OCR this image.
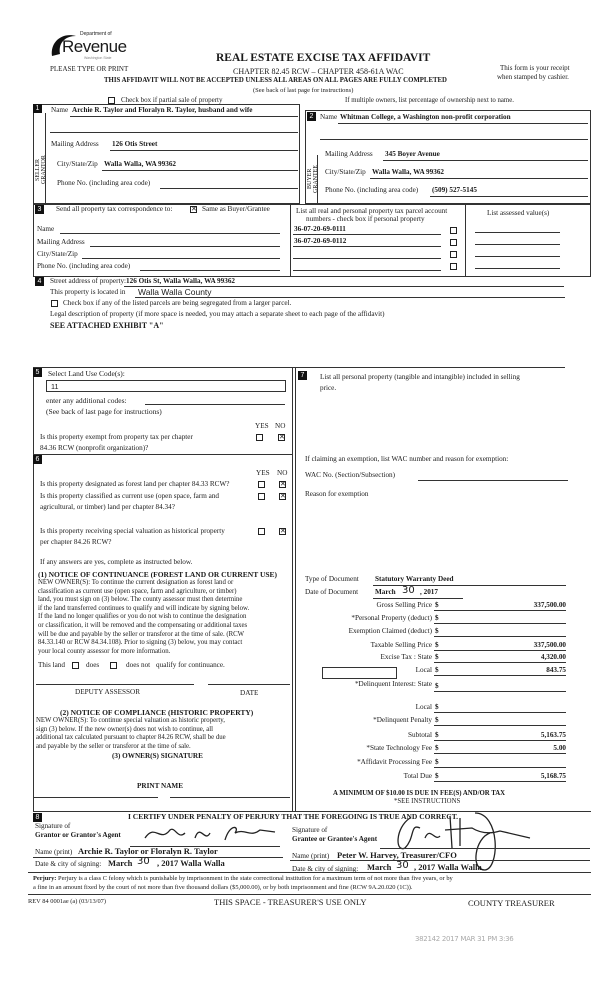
Department of
Revenue
Washington State
PLEASE TYPE OR PRINT
REAL ESTATE EXCISE TAX AFFIDAVIT
CHAPTER 82.45 RCW – CHAPTER 458-61A WAC
THIS AFFIDAVIT WILL NOT BE ACCEPTED UNLESS ALL AREAS ON ALL PAGES ARE FULLY COMPLETED
(See back of last page for instructions)
This form is your receipt
when stamped by cashier.
Check box if partial sale of property	If multiple owners, list percentage of ownership next to name.
1
SELLER GRANTOR
Name Archie R. Taylor and Floralyn R. Taylor, husband and wife
Mailing Address 126 Otis Street
City/State/Zip Walla Walla, WA 99362
Phone No. (including area code)
2
BUYER GRANTEE
Name Whitman College, a Washington non-profit corporation
Mailing Address 345 Boyer Avenue
City/State/Zip Walla Walla, WA 99362
Phone No. (including area code) (509) 527-5145
3	Send all property tax correspondence to:	✕ Same as Buyer/Grantee
Name
Mailing Address
City/State/Zip
Phone No. (including area code)
List all real and personal property tax parcel account
numbers - check box if personal property
List assessed value(s)
36-07-20-69-0111
36-07-20-69-0112
4	Street address of property: 126 Otis St, Walla Walla, WA 99362
This property is located in Walla Walla County
Check box if any of the listed parcels are being segregated from a larger parcel.
Legal description of property (if more space is needed, you may attach a separate sheet to each page of the affidavit)
SEE ATTACHED EXHIBIT "A"
5	Select Land Use Code(s):
11
enter any additional codes:
(See back of last page for instructions)
YES NO
Is this property exempt from property tax per chapter
84.36 RCW (nonprofit organization)?
✕
6
YES NO
Is this property designated as forest land per chapter 84.33 RCW?	✕
Is this property classified as current use (open space, farm and
agricultural, or timber) land per chapter 84.34?
✕
Is this property receiving special valuation as historical property
per chapter 84.26 RCW?
✕
If any answers are yes, complete as instructed below.
(1) NOTICE OF CONTINUANCE (FOREST LAND OR CURRENT USE)
NEW OWNER(S): To continue the current designation as forest land or
classification as current use (open space, farm and agriculture, or timber)
land, you must sign on (3) below. The county assessor must then determine
if the land transferred continues to qualify and will indicate by signing below.
If the land no longer qualifies or you do not wish to continue the designation
or classification, it will be removed and the compensating or additional taxes
will be due and payable by the seller or transferor at the time of sale. (RCW
84.33.140 or RCW 84.34.108). Prior to signing (3) below, you may contact
your local county assessor for more information.
This land	does	does not qualify for continuance.
DEPUTY ASSESSOR	DATE
(2) NOTICE OF COMPLIANCE (HISTORIC PROPERTY)
NEW OWNER(S): To continue special valuation as historic property,
sign (3) below. If the new owner(s) does not wish to continue, all
additional tax calculated pursuant to chapter 84.26 RCW, shall be due
and payable by the seller or transferor at the time of sale.
(3) OWNER(S) SIGNATURE
PRINT NAME
7	List all personal property (tangible and intangible) included in selling
price.
If claiming an exemption, list WAC number and reason for exemption:
WAC No. (Section/Subsection)
Reason for exemption
Type of Document Statutory Warranty Deed
Date of Document March 30 , 2017
Gross Selling Price $	337,500.00
*Personal Property (deduct) $
Exemption Claimed (deduct) $
Taxable Selling Price $	337,500.00
Excise Tax : State $	4,320.00
Local $	843.75
*Delinquent Interest: State $
Local $
*Delinquent Penalty $
Subtotal $	5,163.75
*State Technology Fee $	5.00
*Affidavit Processing Fee $
Total Due $	5,168.75
A MINIMUM OF $10.00 IS DUE IN FEE(S) AND/OR TAX
*SEE INSTRUCTIONS
8	I CERTIFY UNDER PENALTY OF PERJURY THAT THE FOREGOING IS TRUE AND CORRECT.
Signature of
Grantor or Grantor's Agent
Name (print) Archie R. Taylor or Floralyn R. Taylor
Date & city of signing: March 30 , 2017 Walla Walla
Signature of
Grantee or Grantee's Agent
Name (print) Peter W. Harvey, Treasurer/CFO
Date & city of signing: March 30 , 2017 Walla Walla
Perjury: Perjury is a class C felony which is punishable by imprisonment in the state correctional institution for a maximum term of not more than five years, or by
a fine in an amount fixed by the court of not more than five thousand dollars ($5,000.00), or by both imprisonment and fine (RCW 9A.20.020 (1C)).
REV 84 0001ae (a) (03/13/07)	THIS SPACE - TREASURER'S USE ONLY	COUNTY TREASURER
382142 2017 MAR 31 PM 3:36
